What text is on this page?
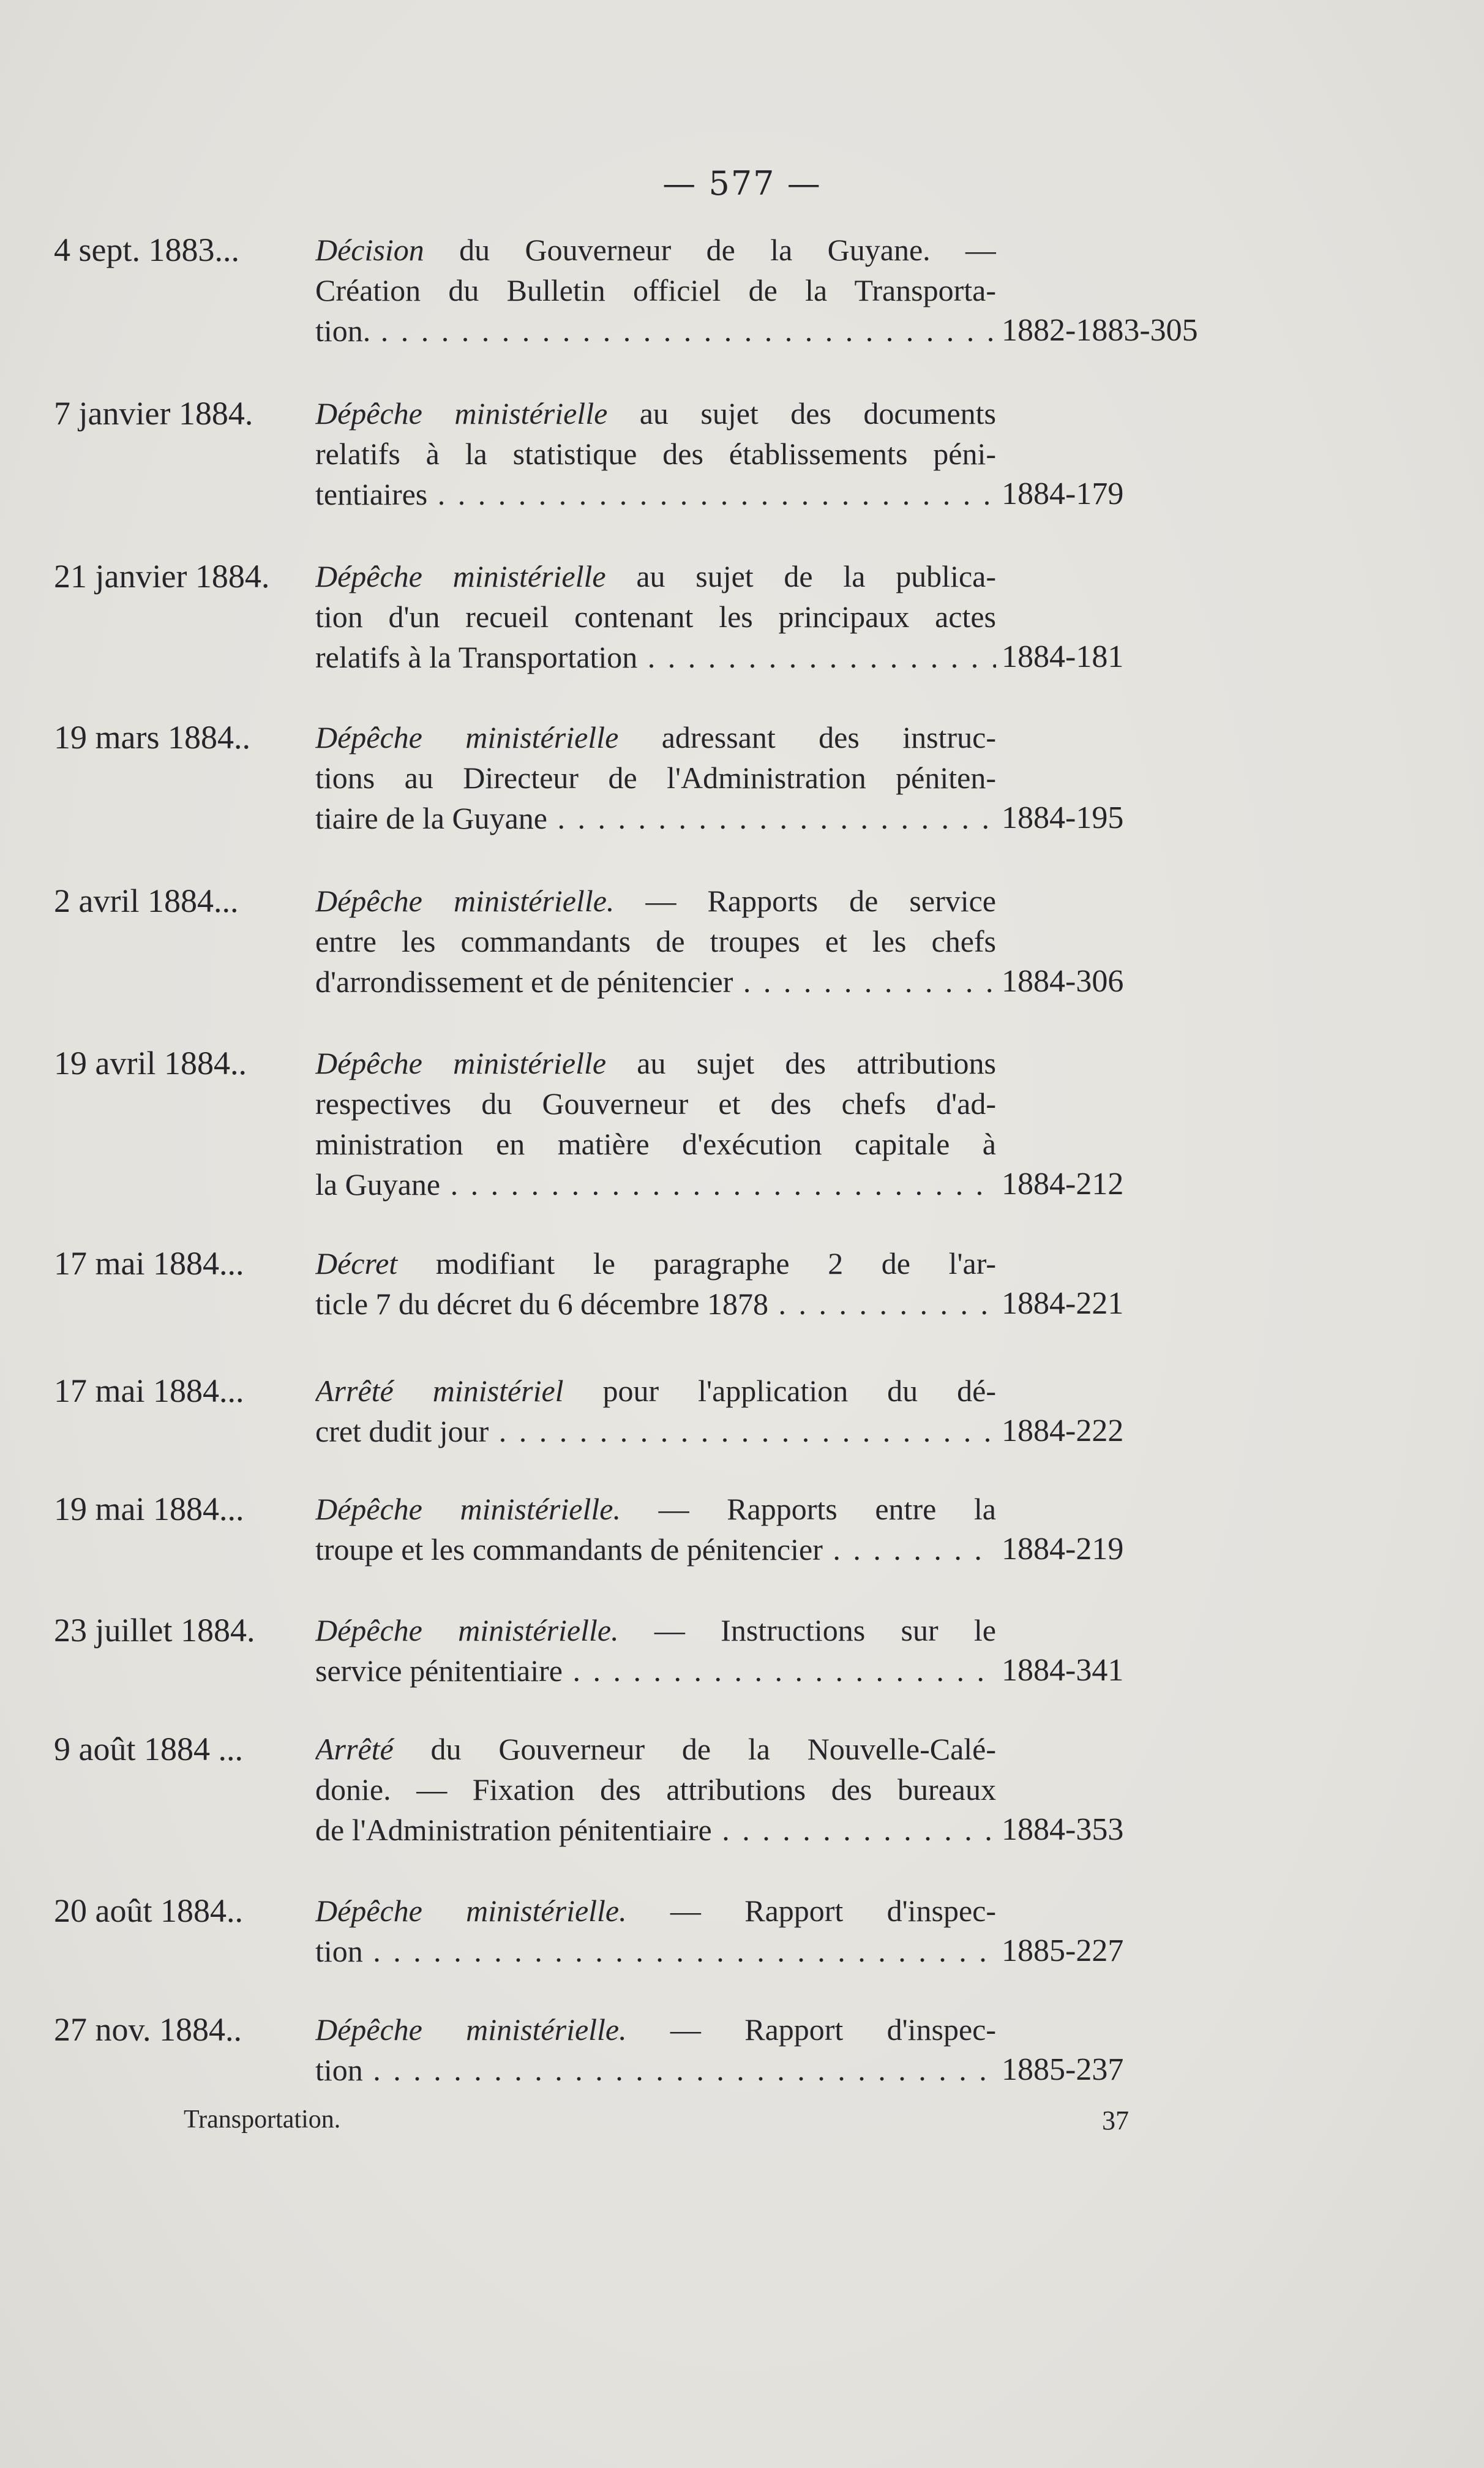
— 577 —
4 sept. 1883... Décision du Gouverneur de la Guyane. —
Création du Bulletin officiel de la Transporta-
tion. . . .	1882-1883-305
7 janvier 1884. Dépêche ministérielle au sujet des documents
relatifs à la statistique des établissements péni-
tentiaires . . .	1884-179
21 janvier 1884. Dépêche ministérielle au sujet de la publica-
tion d'un recueil contenant les principaux actes
relatifs à la Transportation . . .	1884-181
19 mars 1884.. Dépêche ministérielle adressant des instruc-
tions au Directeur de l'Administration péniten-
tiaire de la Guyane . . .	1884-195
2 avril 1884...	Dépêche ministérielle. — Rapports de service
entre les commandants de troupes et les chefs
d'arrondissement et de pénitencier . . .	1884-306
19 avril 1884.. Dépêche ministérielle au sujet des attributions
respectives du Gouverneur et des chefs d'ad-
ministration en matière d'exécution capitale à
la Guyane . . .	1884-212
17 mai 1884... Décret modifiant le paragraphe 2 de l'ar-
ticle 7 du décret du 6 décembre 1878 . . .	1884-221
17 mai 1884... Arrêté ministériel pour l'application du dé-
cret dudit jour . . .	1884-222
19 mai 1884... Dépêche ministérielle. — Rapports entre la
troupe et les commandants de pénitencier . . .	1884-219
23 juillet 1884. Dépêche ministérielle. — Instructions sur le
service pénitentiaire . . .	1884-341
9 août 1884 ... Arrêté du Gouverneur de la Nouvelle-Calé-
donie. — Fixation des attributions des bureaux
de l'Administration pénitentiaire . . .	1884-353
20 août 1884.. Dépêche ministérielle. — Rapport d'inspec-
tion . . .	1885-227
27 nov. 1884.. Dépêche ministérielle. — Rapport d'inspec-
tion . . .	1885-237
Transportation.	37
